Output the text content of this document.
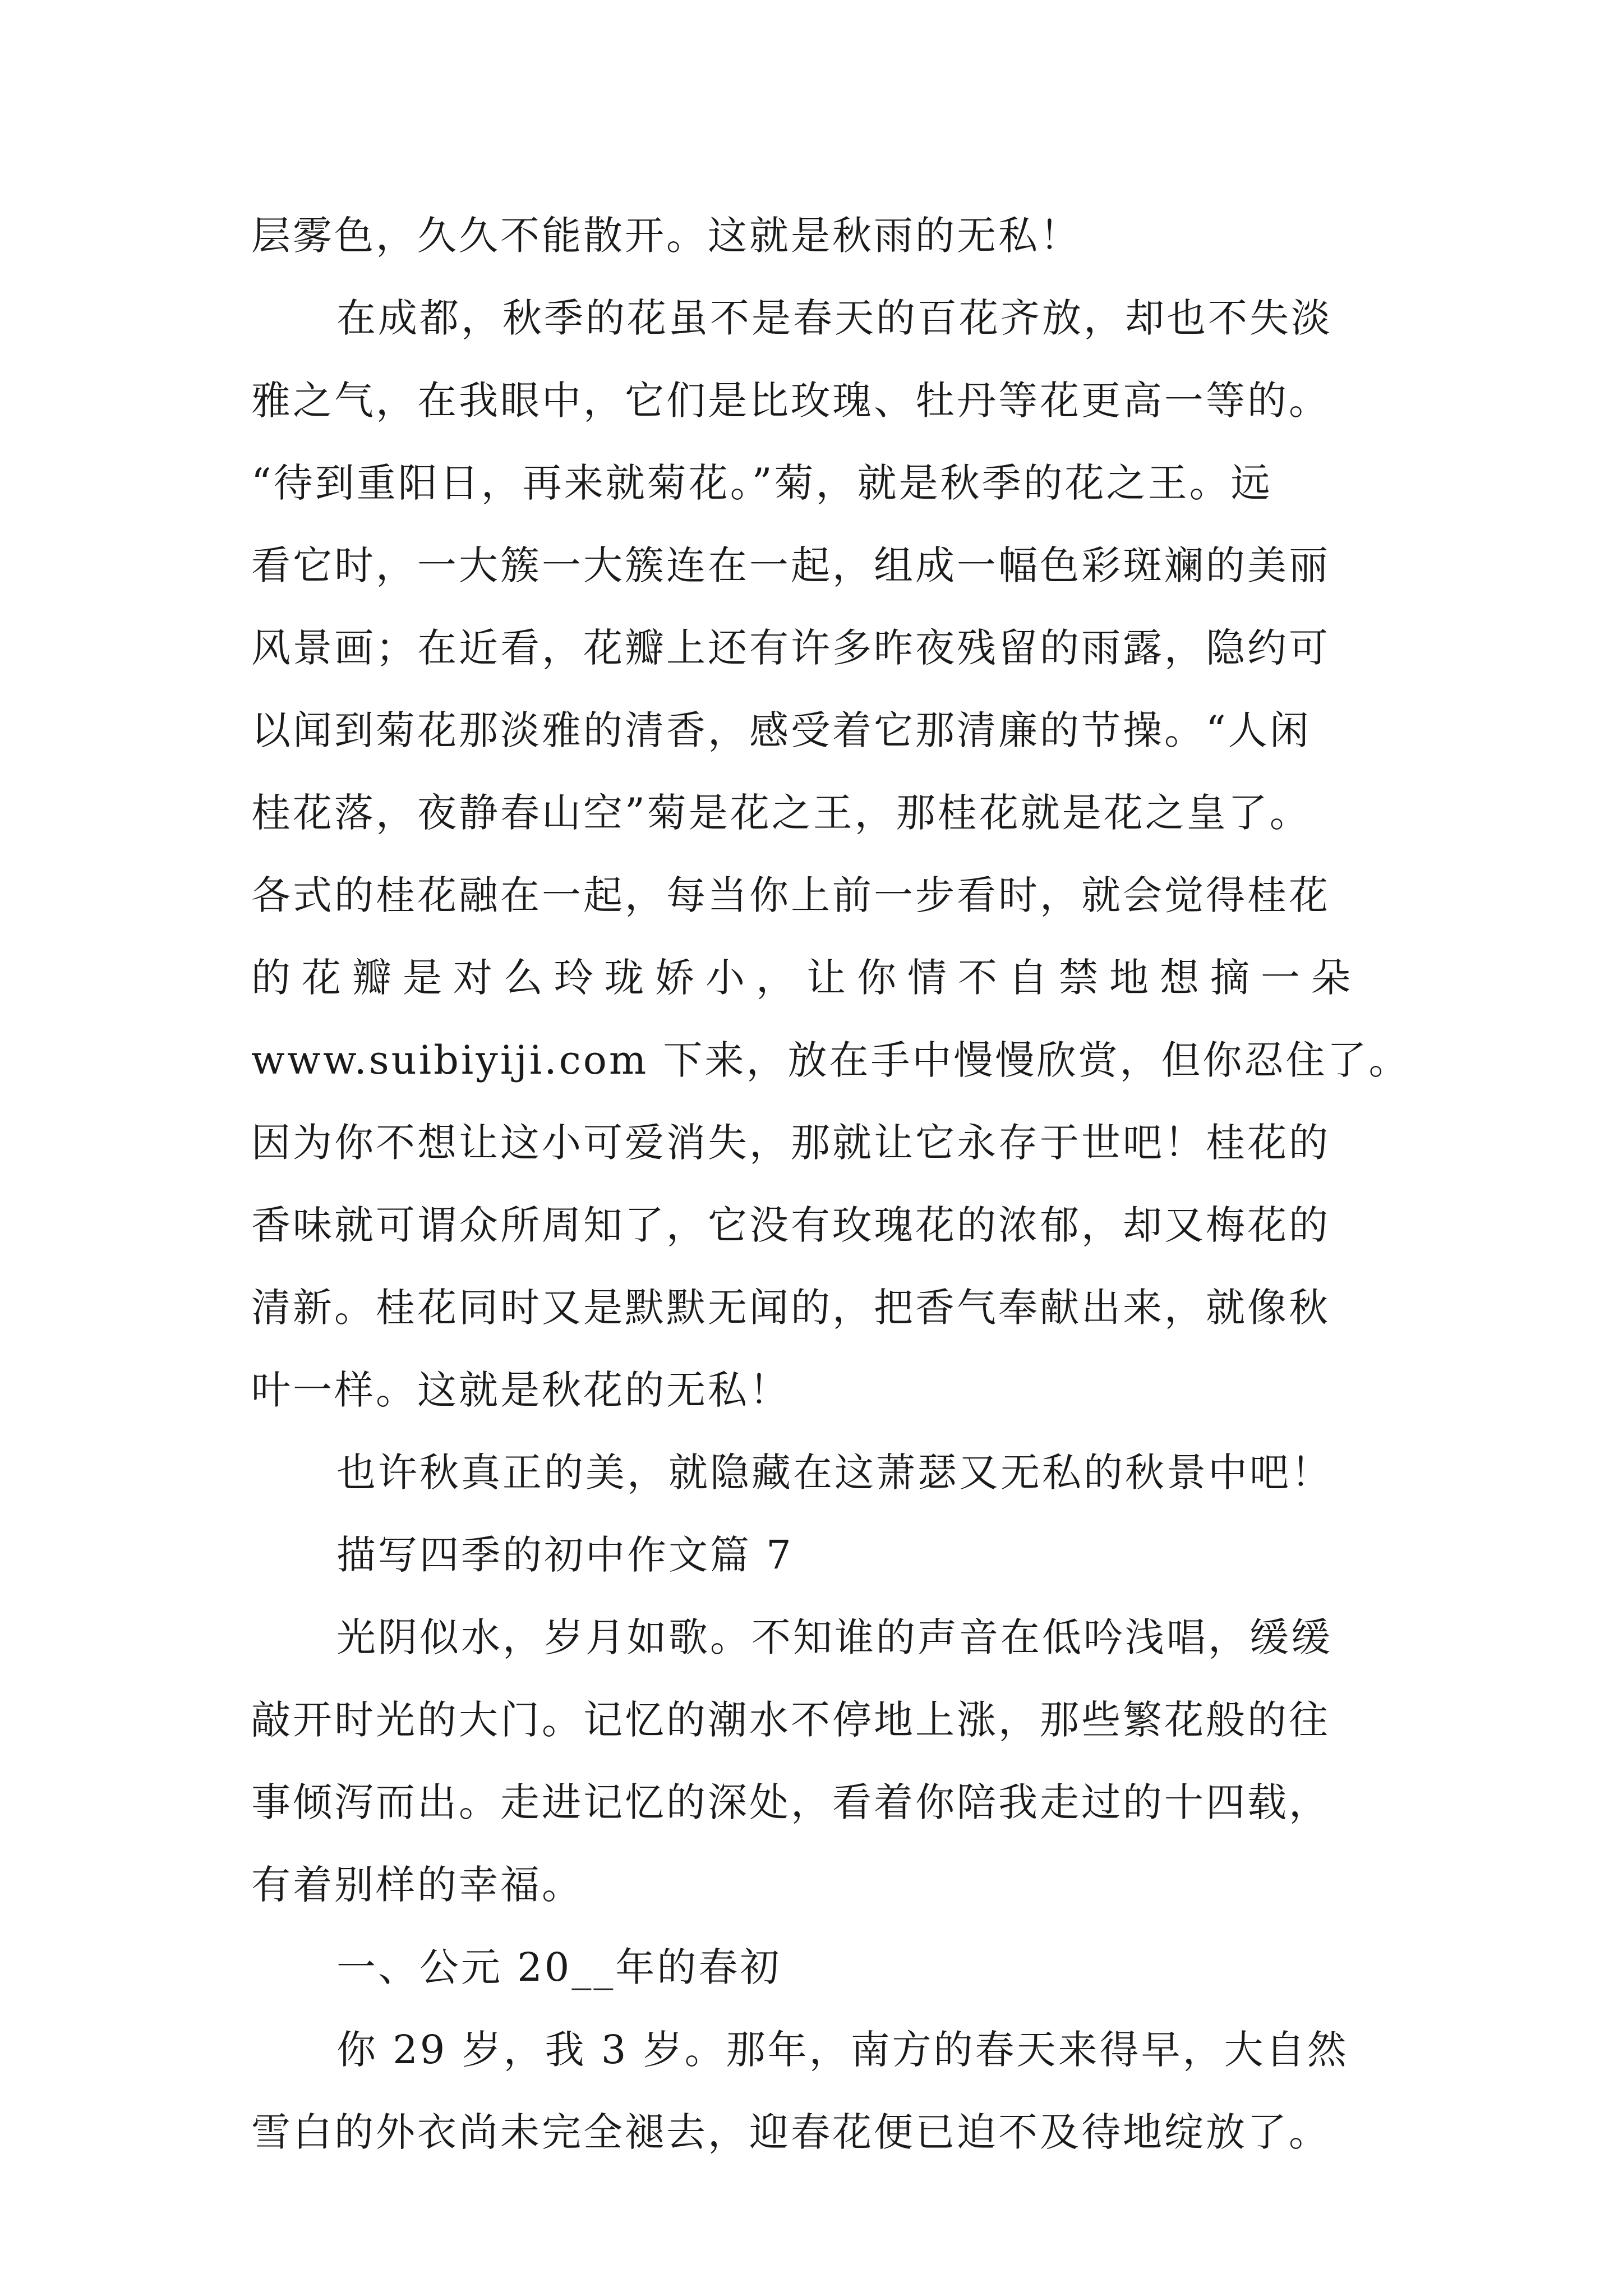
层雾色，久久不能散开。这就是秋雨的无私！
在成都，秋季的花虽不是春天的百花齐放，却也不失淡
雅之气，在我眼中，它们是比玫瑰、牡丹等花更高一等的。
“待到重阳日，再来就菊花。”菊，就是秋季的花之王。远
看它时，一大簇一大簇连在一起，组成一幅色彩斑斓的美丽
风景画；在近看，花瓣上还有许多昨夜残留的雨露，隐约可
以闻到菊花那淡雅的清香，感受着它那清廉的节操。“人闲
桂花落，夜静春山空”菊是花之王，那桂花就是花之皇了。
各式的桂花融在一起，每当你上前一步看时，就会觉得桂花
的花瓣是对么玲珑娇小，让你情不自禁地想摘一朵
www.suibiyiji.com 下来，放在手中慢慢欣赏，但你忍住了。
因为你不想让这小可爱消失，那就让它永存于世吧！桂花的
香味就可谓众所周知了，它没有玫瑰花的浓郁，却又梅花的
清新。桂花同时又是默默无闻的，把香气奉献出来，就像秋
叶一样。这就是秋花的无私！
也许秋真正的美，就隐藏在这萧瑟又无私的秋景中吧！
描写四季的初中作文篇 7
光阴似水，岁月如歌。不知谁的声音在低吟浅唱，缓缓
敲开时光的大门。记忆的潮水不停地上涨，那些繁花般的往
事倾泻而出。走进记忆的深处，看着你陪我走过的十四载，
有着别样的幸福。
一、公元 20__年的春初
你 29 岁，我 3 岁。那年，南方的春天来得早，大自然
雪白的外衣尚未完全褪去，迎春花便已迫不及待地绽放了。
